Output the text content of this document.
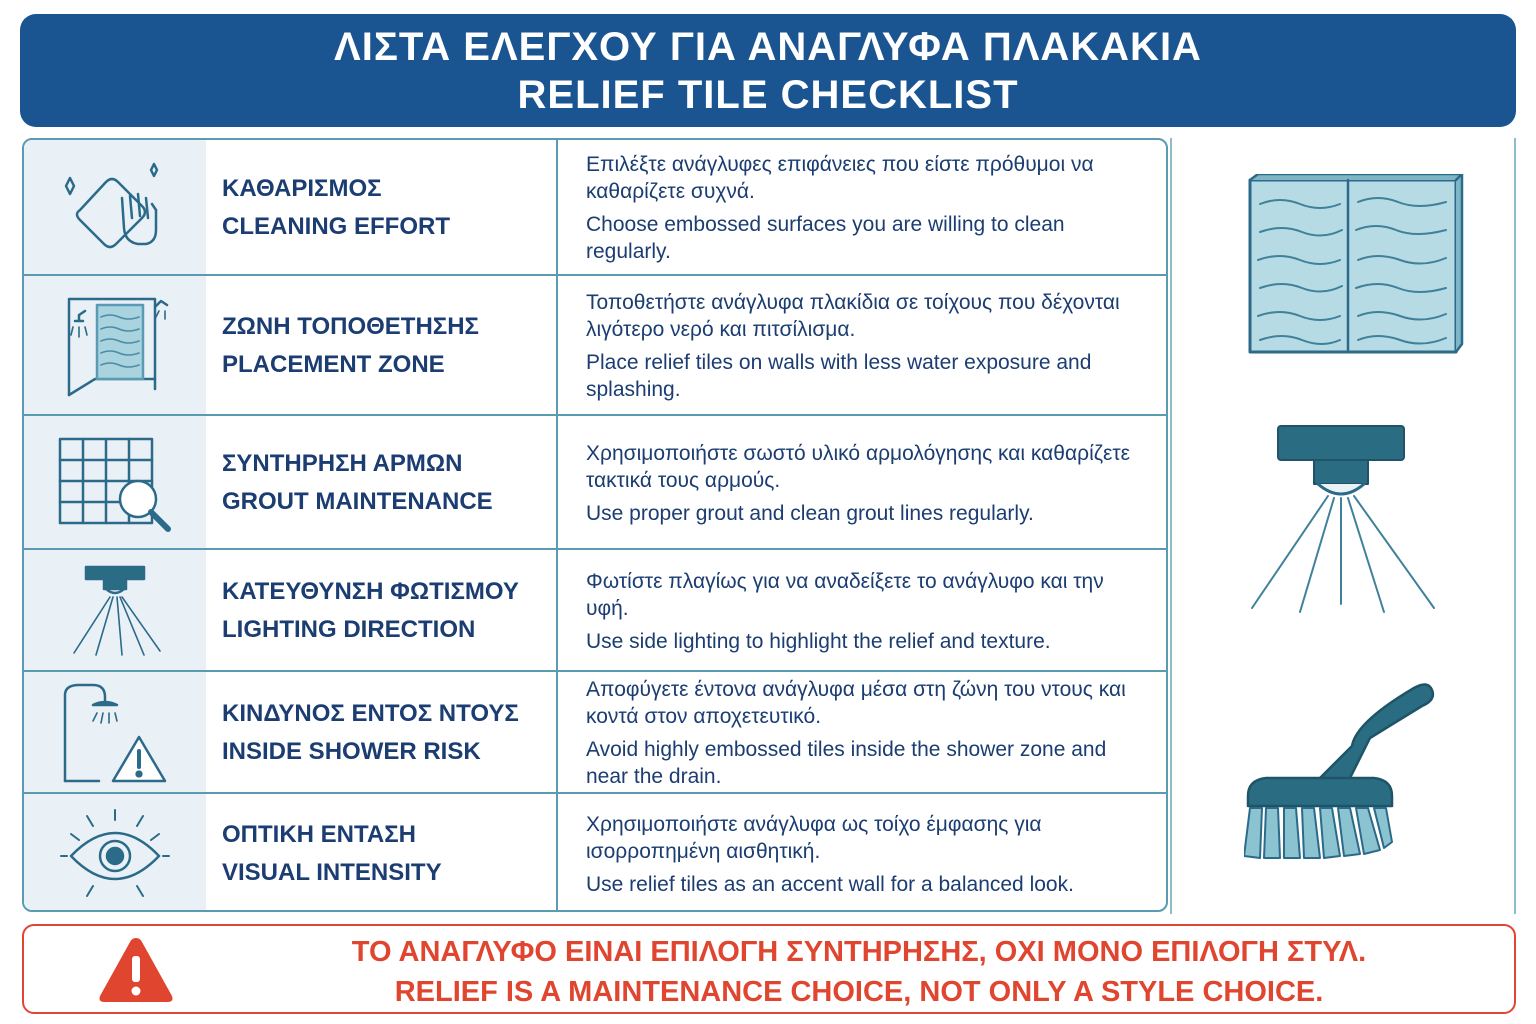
ΛΙΣΤΑ ΕΛΕΓΧΟΥ ΓΙΑ ΑΝΑΓΛΥΦΑ ΠΛΑΚΑΚΙΑ
RELIEF TILE CHECKLIST
ΚΑΘΑΡΙΣΜΟΣ
CLEANING EFFORT
Επιλέξτε ανάγλυφες επιφάνειες που είστε πρόθυμοι να καθαρίζετε συχνά.
Choose embossed surfaces you are willing to clean regularly.
ΖΩΝΗ ΤΟΠΟΘΕΤΗΣΗΣ
PLACEMENT ZONE
Τοποθετήστε ανάγλυφα πλακίδια σε τοίχους που δέχονται λιγότερο νερό και πιτσίλισμα.
Place relief tiles on walls with less water exposure and splashing.
ΣΥΝΤΗΡΗΣΗ ΑΡΜΩΝ
GROUT MAINTENANCE
Χρησιμοποιήστε σωστό υλικό αρμολόγησης και καθαρίζετε τακτικά τους αρμούς.
Use proper grout and clean grout lines regularly.
ΚΑΤΕΥΘΥΝΣΗ ΦΩΤΙΣΜΟΥ
LIGHTING DIRECTION
Φωτίστε πλαγίως για να αναδείξετε το ανάγλυφο και την υφή.
Use side lighting to highlight the relief and texture.
ΚΙΝΔΥΝΟΣ ΕΝΤΟΣ ΝΤΟΥΣ
INSIDE SHOWER RISK
Αποφύγετε έντονα ανάγλυφα μέσα στη ζώνη του ντους και κοντά στον αποχετευτικό.
Avoid highly embossed tiles inside the shower zone and near the drain.
ΟΠΤΙΚΗ ΕΝΤΑΣΗ
VISUAL INTENSITY
Χρησιμοποιήστε ανάγλυφα ως τοίχο έμφασης για ισορροπημένη αισθητική.
Use relief tiles as an accent wall for a balanced look.
ΤΟ ΑΝΑΓΛΥΦΟ ΕΙΝΑΙ ΕΠΙΛΟΓΗ ΣΥΝΤΗΡΗΣΗΣ, ΟΧΙ ΜΟΝΟ ΕΠΙΛΟΓΗ ΣΤΥΛ.
RELIEF IS A MAINTENANCE CHOICE, NOT ONLY A STYLE CHOICE.
